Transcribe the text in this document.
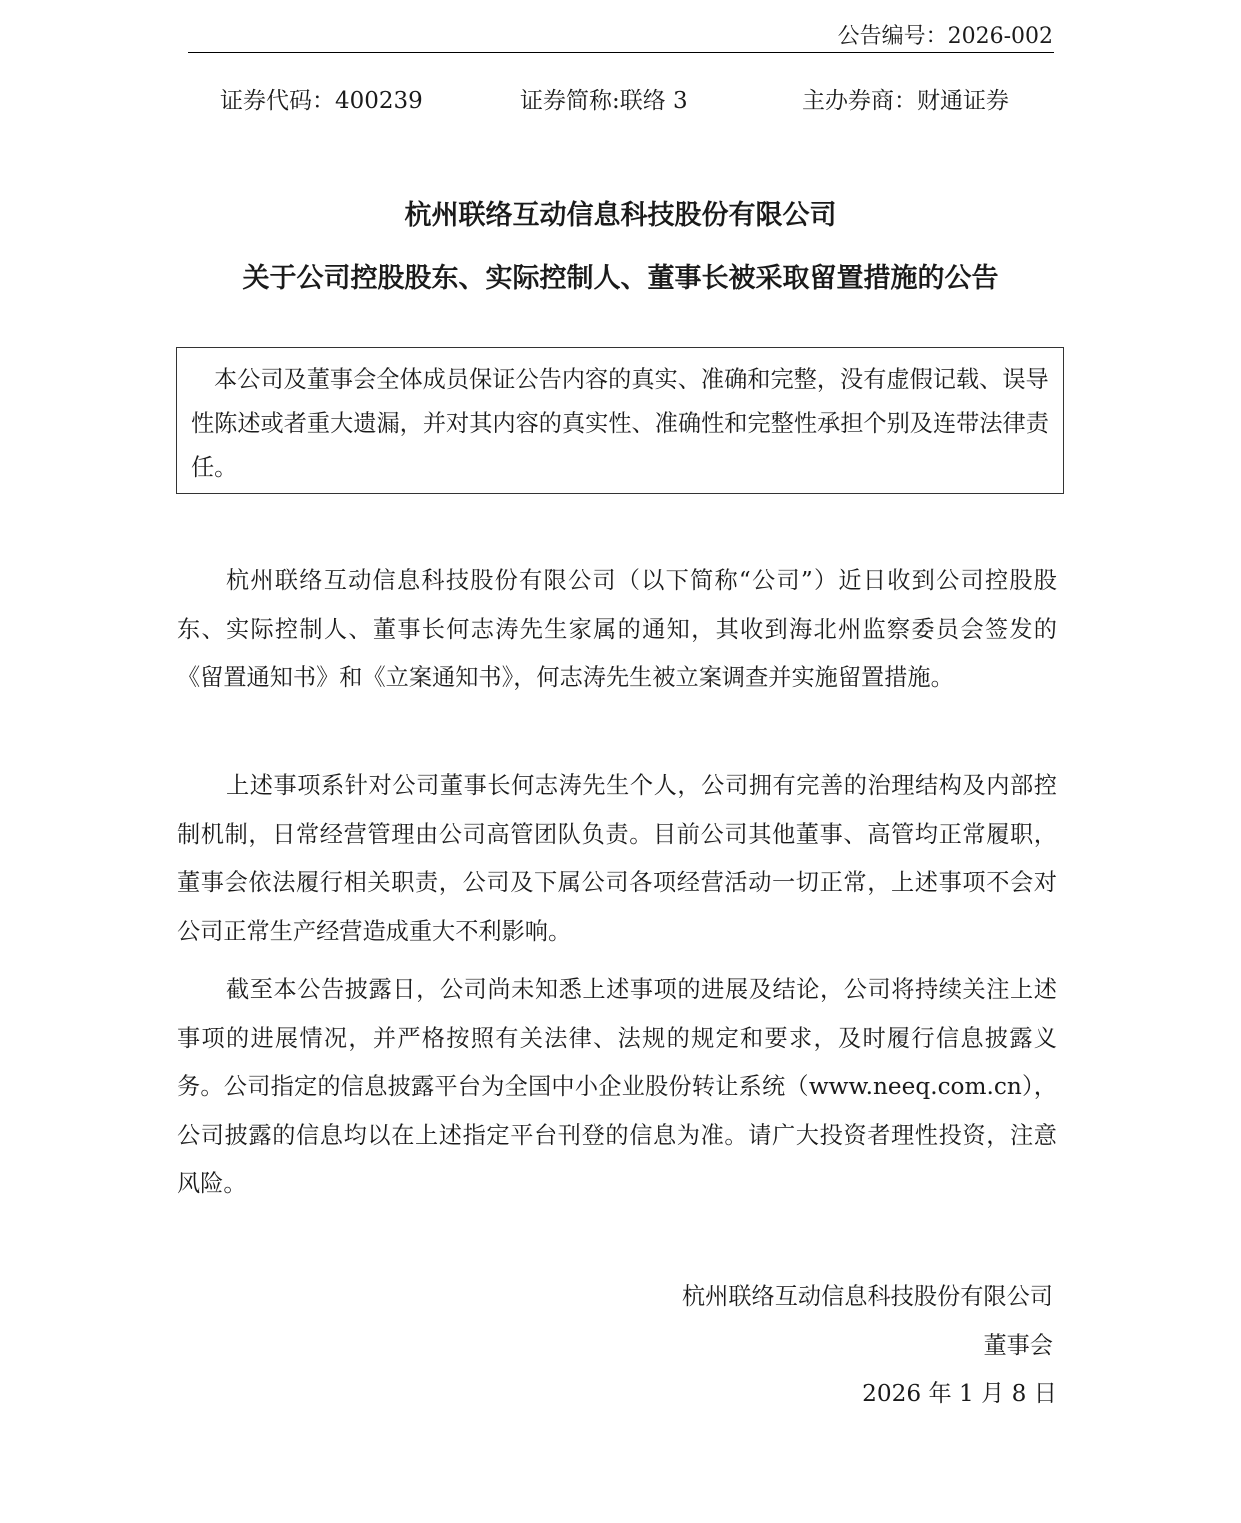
公告编号：2026-002
证券代码：400239	证券简称:联络 3	主办券商：财通证券
杭州联络互动信息科技股份有限公司
关于公司控股股东、实际控制人、董事长被采取留置措施的公告

本公司及董事会全体成员保证公告内容的真实、准确和完整，没有虚假记载、误导性陈述或者重大遗漏，并对其内容的真实性、准确性和完整性承担个别及连带法律责任。

杭州联络互动信息科技股份有限公司（以下简称“公司”）近日收到公司控股股东、实际控制人、董事长何志涛先生家属的通知，其收到海北州监察委员会签发的《留置通知书》和《立案通知书》，何志涛先生被立案调查并实施留置措施。

上述事项系针对公司董事长何志涛先生个人，公司拥有完善的治理结构及内部控制机制，日常经营管理由公司高管团队负责。目前公司其他董事、高管均正常履职，董事会依法履行相关职责，公司及下属公司各项经营活动一切正常，上述事项不会对公司正常生产经营造成重大不利影响。

截至本公告披露日，公司尚未知悉上述事项的进展及结论，公司将持续关注上述事项的进展情况，并严格按照有关法律、法规的规定和要求，及时履行信息披露义务。公司指定的信息披露平台为全国中小企业股份转让系统（www.neeq.com.cn），公司披露的信息均以在上述指定平台刊登的信息为准。请广大投资者理性投资，注意风险。

杭州联络互动信息科技股份有限公司
董事会
2026 年 1 月 8 日
